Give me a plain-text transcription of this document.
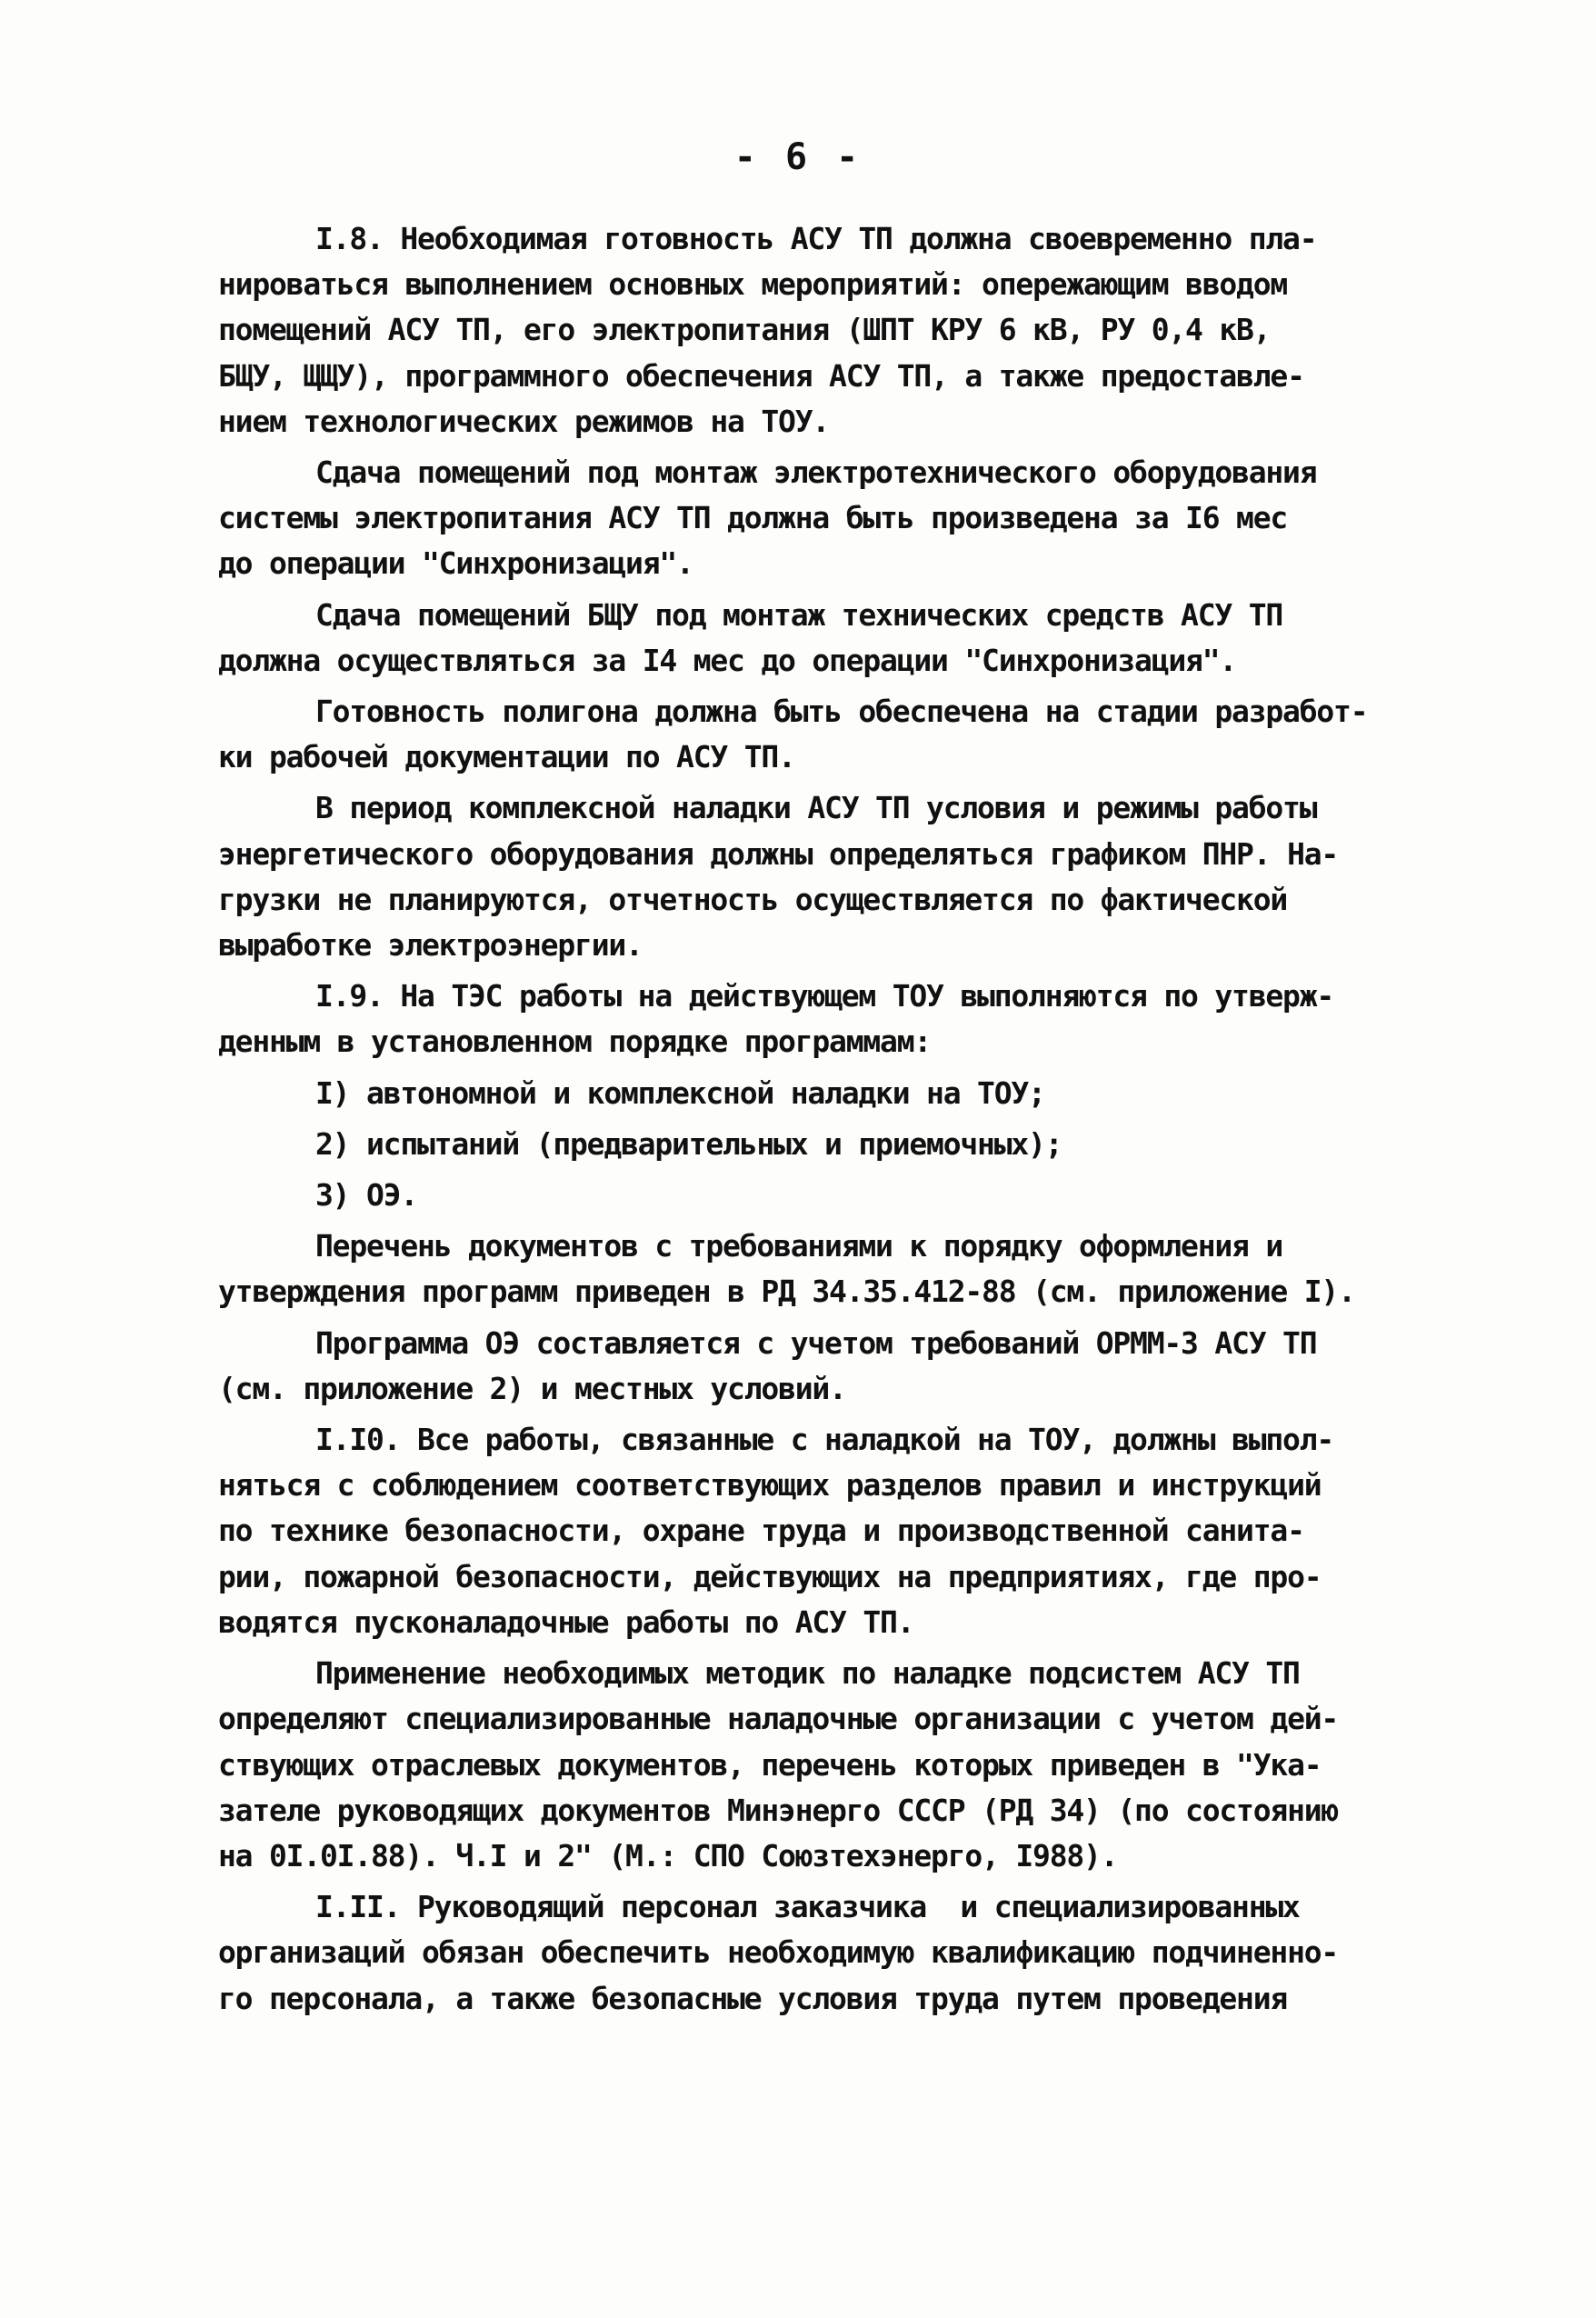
- 6 -
I.8. Необходимая готовность АСУ ТП должна своевременно пла-
нироваться выполнением основных мероприятий: опережающим вводом
помещений АСУ ТП, его электропитания (ШПТ КРУ 6 кВ, РУ 0,4 кВ,
БЩУ, ЩЩУ), программного обеспечения АСУ ТП, а также предоставле-
нием технологических режимов на ТОУ.
Сдача помещений под монтаж электротехнического оборудования
системы электропитания АСУ ТП должна быть произведена за I6 мес
до операции "Синхронизация".
Сдача помещений БЩУ под монтаж технических средств АСУ ТП
должна осуществляться за I4 мес до операции "Синхронизация".
Готовность полигона должна быть обеспечена на стадии разработ-
ки рабочей документации по АСУ ТП.
В период комплексной наладки АСУ ТП условия и режимы работы
энергетического оборудования должны определяться графиком ПНР. На-
грузки не планируются, отчетность осуществляется по фактической
выработке электроэнергии.
I.9. На ТЭС работы на действующем ТОУ выполняются по утверж-
денным в установленном порядке программам:
I) автономной и комплексной наладки на ТОУ;
2) испытаний (предварительных и приемочных);
3) ОЭ.
Перечень документов с требованиями к порядку оформления и
утверждения программ приведен в РД 34.35.412-88 (см. приложение I).
Программа ОЭ составляется с учетом требований ОРММ-3 АСУ ТП
(см. приложение 2) и местных условий.
I.I0. Все работы, связанные с наладкой на ТОУ, должны выпол-
няться с соблюдением соответствующих разделов правил и инструкций
по технике безопасности, охране труда и производственной санита-
рии, пожарной безопасности, действующих на предприятиях, где про-
водятся пусконаладочные работы по АСУ ТП.
Применение необходимых методик по наладке подсистем АСУ ТП
определяют специализированные наладочные организации с учетом дей-
ствующих отраслевых документов, перечень которых приведен в "Ука-
зателе руководящих документов Минэнерго СССР (РД 34) (по состоянию
на 0I.0I.88). Ч.I и 2" (М.: СПО Союзтехэнерго, I988).
I.II. Руководящий персонал заказчика  и специализированных
организаций обязан обеспечить необходимую квалификацию подчиненно-
го персонала, а также безопасные условия труда путем проведения
